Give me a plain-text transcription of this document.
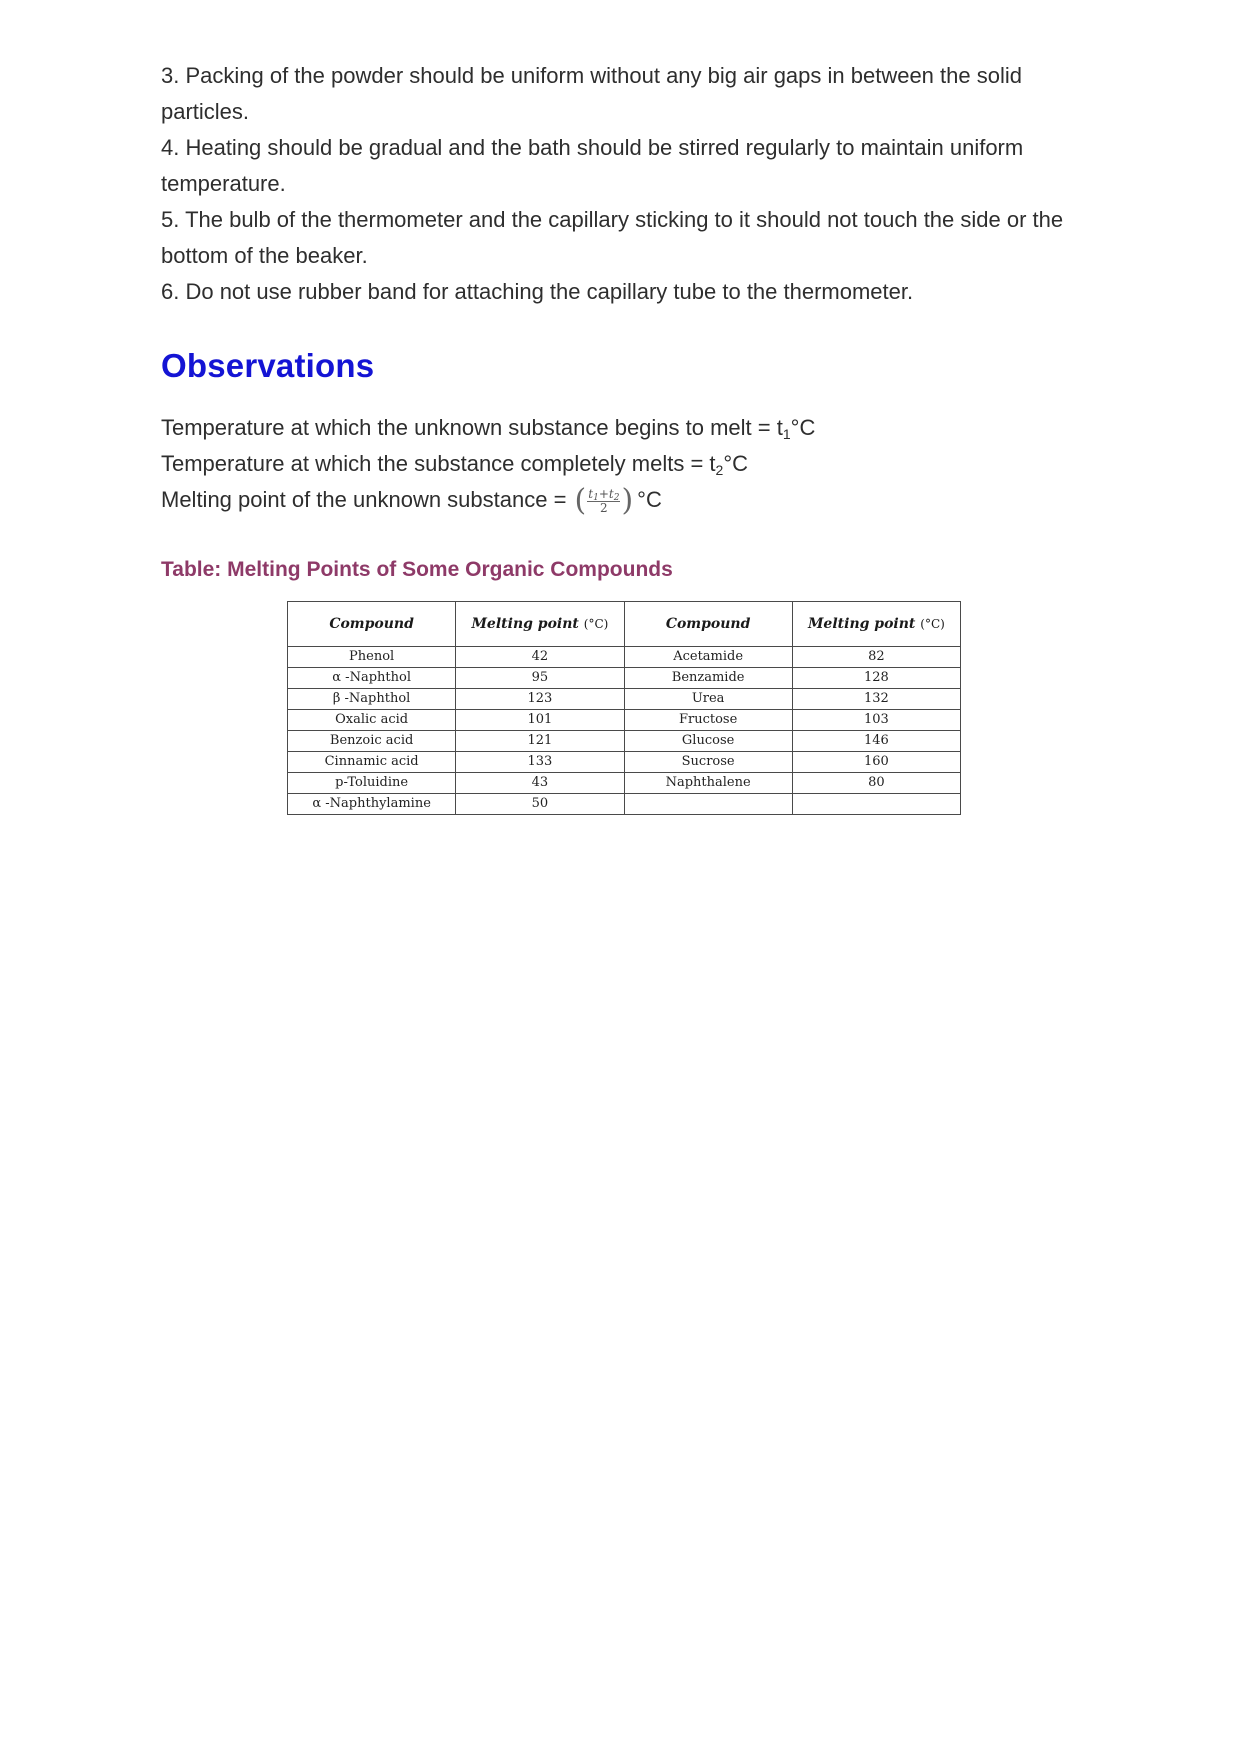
3. Packing of the powder should be uniform without any big air gaps in between the solid particles.

4. Heating should be gradual and the bath should be stirred regularly to maintain uniform temperature.

5. The bulb of the thermometer and the capillary sticking to it should not touch the side or the bottom of the beaker.

6. Do not use rubber band for attaching the capillary tube to the thermometer.

Observations

Temperature at which the unknown substance begins to melt = $t_1^\circ C$

Temperature at which the substance completely melts = $t_2^\circ C$

Melting point of the unknown substance = ( $\frac{t_1+t_2}{2}$ ) °C

Table: Melting Points of Some Organic Compounds
Compound	Melting point (°C)	Compound	Melting point (°C)
Phenol	42	Acetamide	82
α -Naphthol	95	Benzamide	128
β -Naphthol	123	Urea	132
Oxalic acid	101	Fructose	103
Benzoic acid	121	Glucose	146
Cinnamic acid	133	Sucrose	160
p-Toluidine	43	Naphthalene	80
α -Naphthylamine	50		
